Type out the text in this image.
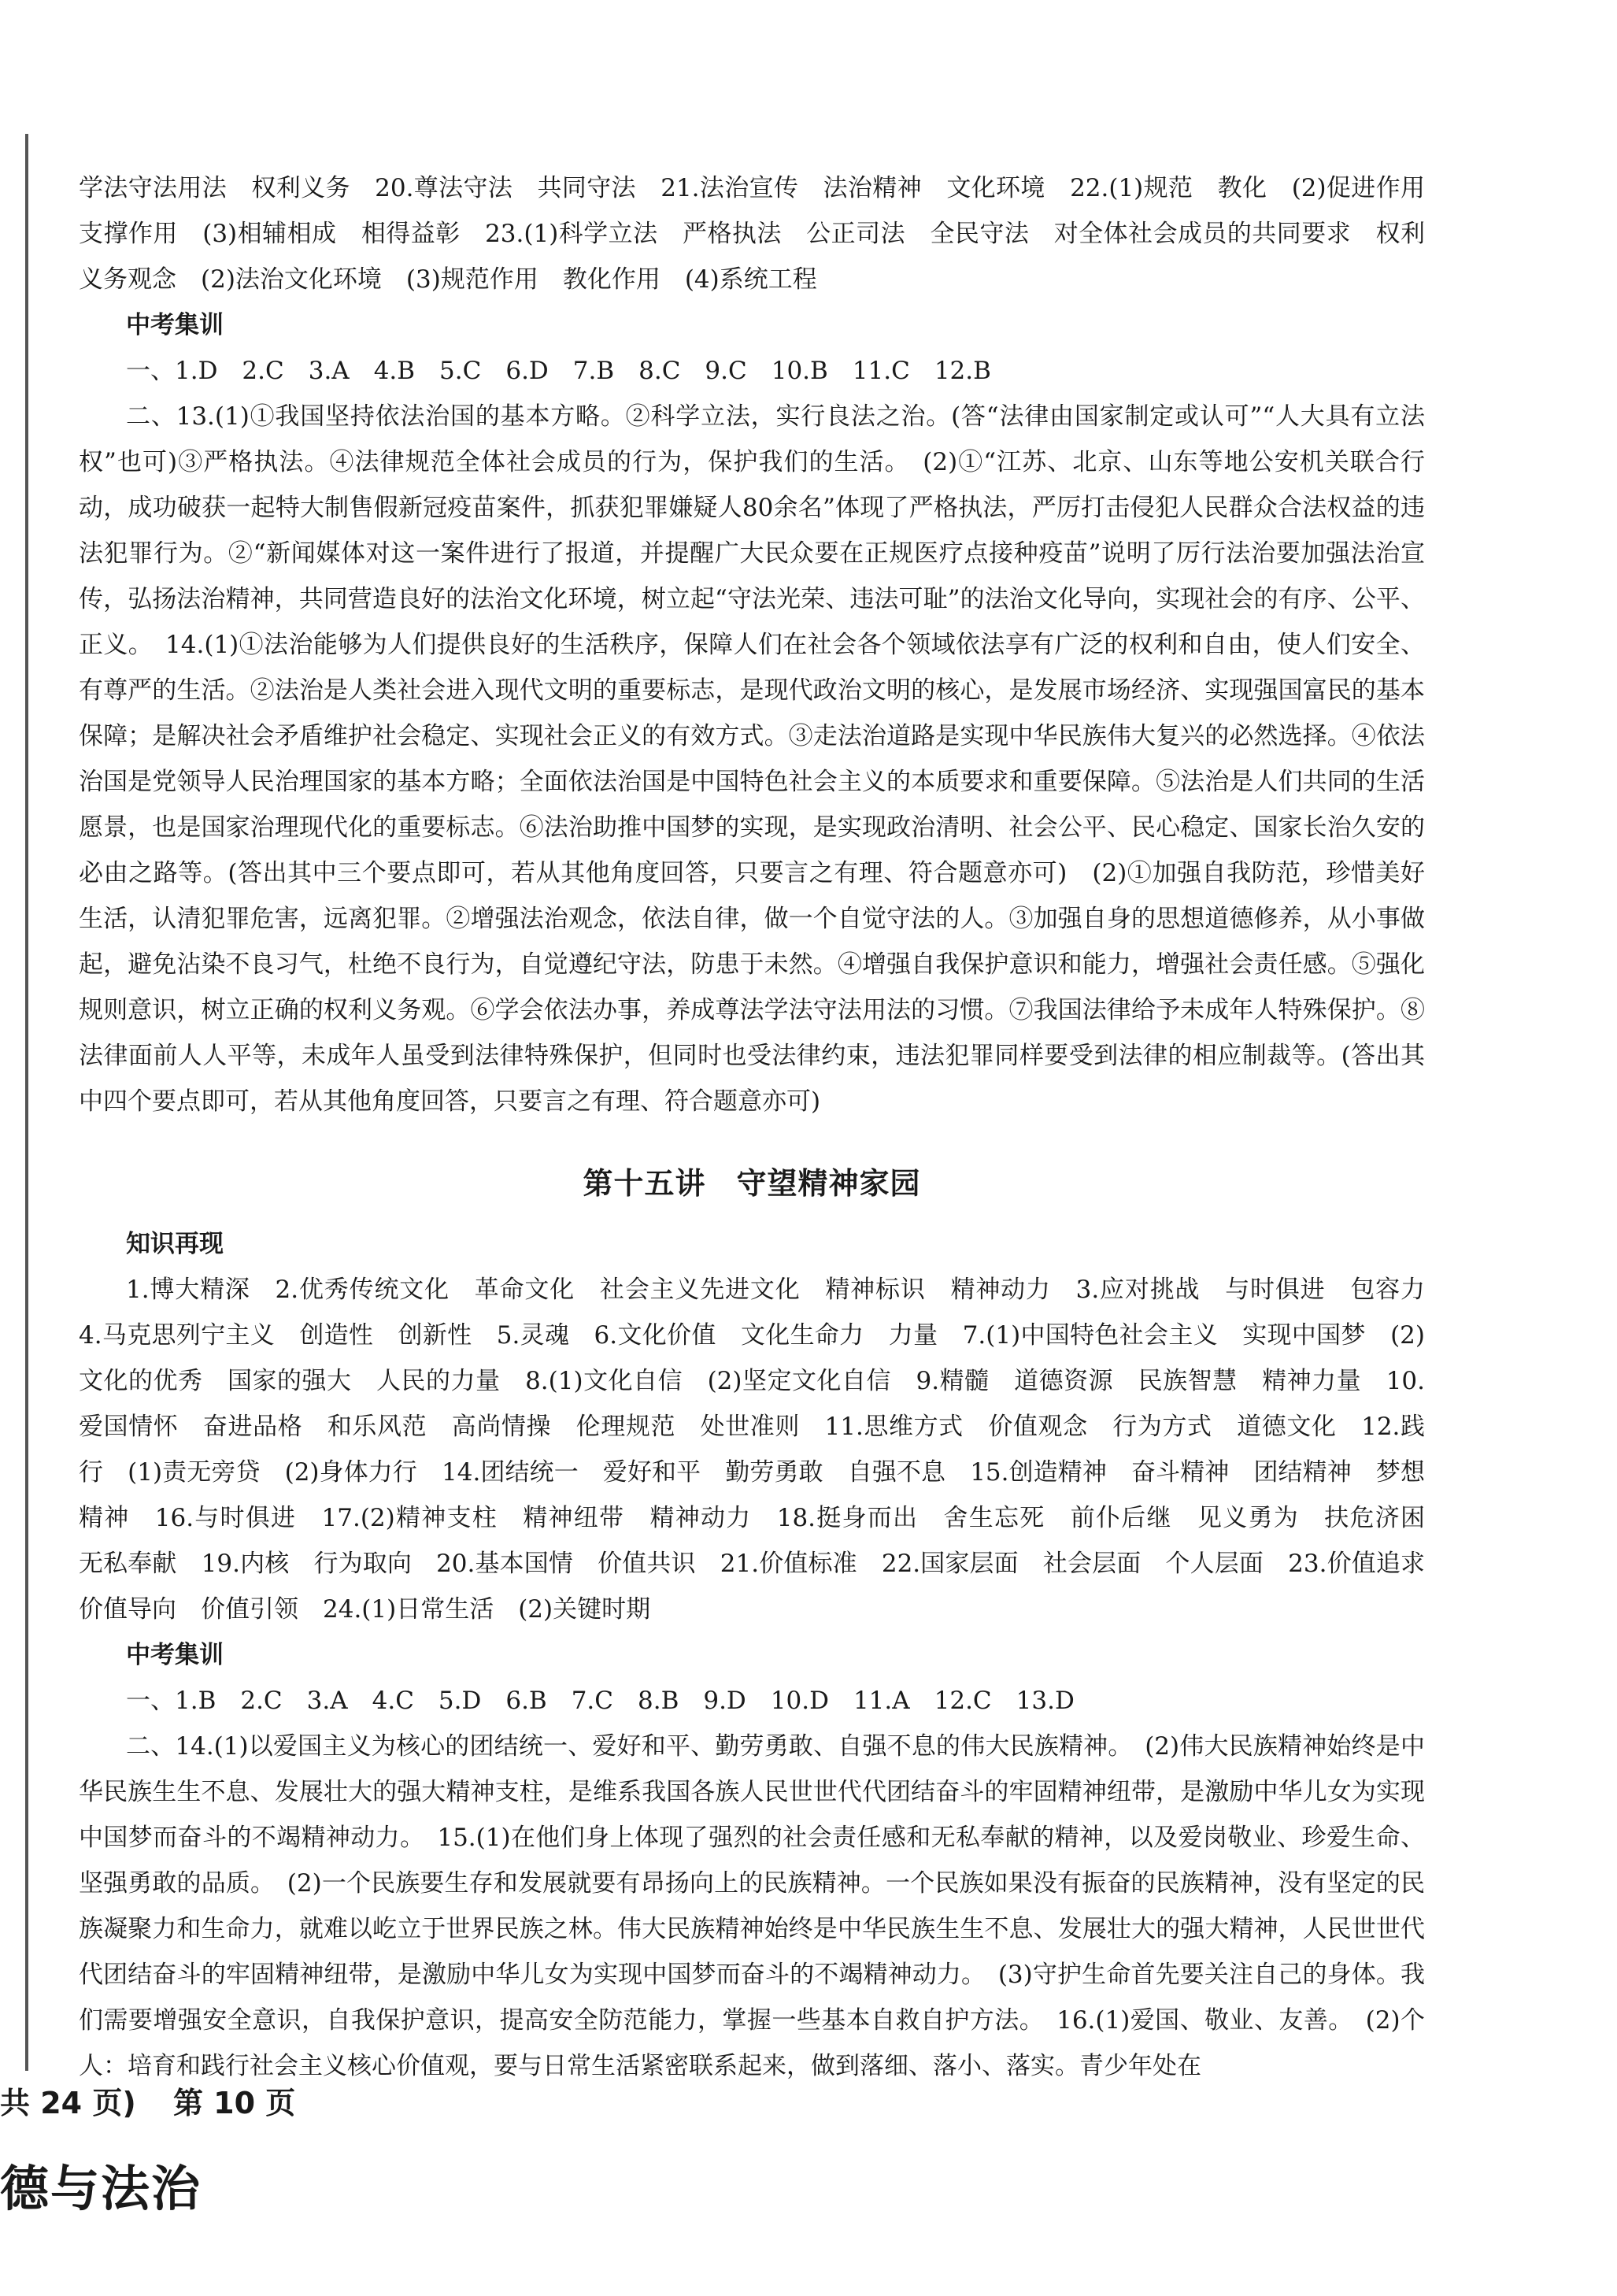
学法守法用法　权利义务　20.尊法守法　共同守法　21.法治宣传　法治精神　文化环境　22.(1)规范　教化　(2)促进作用　支撑作用　(3)相辅相成　相得益彰　23.(1)科学立法　严格执法　公正司法　全民守法　对全体社会成员的共同要求　权利义务观念　(2)法治文化环境　(3)规范作用　教化作用　(4)系统工程

中考集训

一、1.D　2.C　3.A　4.B　5.C　6.D　7.B　8.C　9.C　10.B　11.C　12.B

二、13.(1)①我国坚持依法治国的基本方略。②科学立法，实行良法之治。(答“法律由国家制定或认可”“人大具有立法权”也可)③严格执法。④法律规范全体社会成员的行为，保护我们的生活。　(2)①“江苏、北京、山东等地公安机关联合行动，成功破获一起特大制售假新冠疫苗案件，抓获犯罪嫌疑人80余名”体现了严格执法，严厉打击侵犯人民群众合法权益的违法犯罪行为。②“新闻媒体对这一案件进行了报道，并提醒广大民众要在正规医疗点接种疫苗”说明了厉行法治要加强法治宣传，弘扬法治精神，共同营造良好的法治文化环境，树立起“守法光荣、违法可耻”的法治文化导向，实现社会的有序、公平、正义。　14.(1)①法治能够为人们提供良好的生活秩序，保障人们在社会各个领域依法享有广泛的权利和自由，使人们安全、有尊严的生活。②法治是人类社会进入现代文明的重要标志，是现代政治文明的核心，是发展市场经济、实现强国富民的基本保障；是解决社会矛盾维护社会稳定、实现社会正义的有效方式。③走法治道路是实现中华民族伟大复兴的必然选择。④依法治国是党领导人民治理国家的基本方略；全面依法治国是中国特色社会主义的本质要求和重要保障。⑤法治是人们共同的生活愿景，也是国家治理现代化的重要标志。⑥法治助推中国梦的实现，是实现政治清明、社会公平、民心稳定、国家长治久安的必由之路等。(答出其中三个要点即可，若从其他角度回答，只要言之有理、符合题意亦可)　(2)①加强自我防范，珍惜美好生活，认清犯罪危害，远离犯罪。②增强法治观念，依法自律，做一个自觉守法的人。③加强自身的思想道德修养，从小事做起，避免沾染不良习气，杜绝不良行为，自觉遵纪守法，防患于未然。④增强自我保护意识和能力，增强社会责任感。⑤强化规则意识，树立正确的权利义务观。⑥学会依法办事，养成尊法学法守法用法的习惯。⑦我国法律给予未成年人特殊保护。⑧法律面前人人平等，未成年人虽受到法律特殊保护，但同时也受法律约束，违法犯罪同样要受到法律的相应制裁等。(答出其中四个要点即可，若从其他角度回答，只要言之有理、符合题意亦可)

第十五讲　守望精神家园

知识再现

1.博大精深　2.优秀传统文化　革命文化　社会主义先进文化　精神标识　精神动力　3.应对挑战　与时俱进　包容力　4.马克思列宁主义　创造性　创新性　5.灵魂　6.文化价值　文化生命力　力量　7.(1)中国特色社会主义　实现中国梦　(2)文化的优秀　国家的强大　人民的力量　8.(1)文化自信　(2)坚定文化自信　9.精髓　道德资源　民族智慧　精神力量　10.爱国情怀　奋进品格　和乐风范　高尚情操　伦理规范　处世准则　11.思维方式　价值观念　行为方式　道德文化　12.践行　(1)责无旁贷　(2)身体力行　14.团结统一　爱好和平　勤劳勇敢　自强不息　15.创造精神　奋斗精神　团结精神　梦想精神　16.与时俱进　17.(2)精神支柱　精神纽带　精神动力　18.挺身而出　舍生忘死　前仆后继　见义勇为　扶危济困　无私奉献　19.内核　行为取向　20.基本国情　价值共识　21.价值标准　22.国家层面　社会层面　个人层面　23.价值追求　价值导向　价值引领　24.(1)日常生活　(2)关键时期

中考集训

一、1.B　2.C　3.A　4.C　5.D　6.B　7.C　8.B　9.D　10.D　11.A　12.C　13.D

二、14.(1)以爱国主义为核心的团结统一、爱好和平、勤劳勇敢、自强不息的伟大民族精神。　(2)伟大民族精神始终是中华民族生生不息、发展壮大的强大精神支柱，是维系我国各族人民世世代代团结奋斗的牢固精神纽带，是激励中华儿女为实现中国梦而奋斗的不竭精神动力。　15.(1)在他们身上体现了强烈的社会责任感和无私奉献的精神，以及爱岗敬业、珍爱生命、坚强勇敢的品质。　(2)一个民族要生存和发展就要有昂扬向上的民族精神。一个民族如果没有振奋的民族精神，没有坚定的民族凝聚力和生命力，就难以屹立于世界民族之林。伟大民族精神始终是中华民族生生不息、发展壮大的强大精神，人民世世代代团结奋斗的牢固精神纽带，是激励中华儿女为实现中国梦而奋斗的不竭精神动力。　(3)守护生命首先要关注自己的身体。我们需要增强安全意识，自我保护意识，提高安全防范能力，掌握一些基本自救自护方法。　16.(1)爱国、敬业、友善。　(2)个人：培育和践行社会主义核心价值观，要与日常生活紧密联系起来，做到落细、落小、落实。青少年处在

共 24 页) 第 10 页
德与法治
